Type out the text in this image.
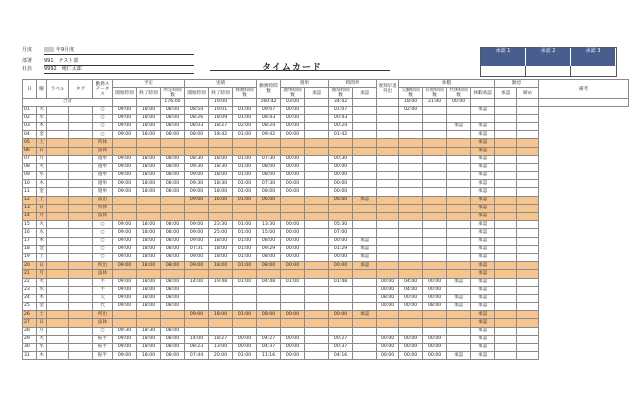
月度	年9月度
部署 991　テスト部
社員 9992　俺仁太郎	タイムカード
承認 1	承認 2	承認 3
日	曜	ラベル	タグ	勤務ステータス	予定			実績			勤務時間数	週単		時間外		遅刻早退外出	休暇				勤怠		備考
					開始時刻	終了時刻	所定時間数	開始時刻	終了時刻	休憩時間数		週単時間数	承認	通常時間数	承認		欠勤時間数	有給時間数	代休時間数	休暇承認	承認	締め	
合計							176:00		19:00		160:42	03:00		34:42			18:00	21:00	00:00				
01	火			○	09:00	18:00	08:00	08:54	19:01	01:00	09:07	00:00		01:07			02:00			承認			
02	水			○	09:00	18:00	08:00	08:26	18:09	01:00	08:43	00:00		00:43									
03	木			○	09:00	18:00	08:00	08:03	18:27	02:00	08:24	00:00		00:24					承認	承認			
04	金			○	09:00	18:00	08:00	08:00	18:42	01:00	09:42	00:00		01:42						承認			
05	土			所休																承認			
06	日			法休																承認			
07	月			週単	09:00	18:00	08:00	08:30	18:00	01:00	07:30	00:00		00:30						承認			
08	火			週単	09:00	18:00	08:00	09:30	18:30	01:00	08:00	00:00		00:00						承認			
09	水			週単	09:00	18:00	08:00	09:00	18:00	01:00	08:00	00:00		00:00						承認			
10	木			週単	09:00	18:00	08:00	09:30	18:30	01:00	07:30	00:00		00:00						承認			
11	金			週単	09:00	18:00	08:00	09:00	18:00	01:00	08:00	00:00		00:00						承認			
12	土			法出				09:00	16:00	01:00	06:00			06:00	承認					承認			
13	日			所休																承認			
14	月			法休																承認			
15	火			○	09:00	18:00	08:00	09:00	23:30	01:00	13:30	00:00		05:30						承認			
16	水			○	09:00	18:00	08:00	09:00	25:00	01:00	15:00	00:00		07:00						承認			
17	木			○	09:00	18:00	08:00	09:00	18:00	01:00	08:00	00:00		00:00	承認					承認			
18	金			○	09:00	18:00	08:00	07:31	18:00	01:00	09:29	00:00		01:29	承認					承認			
19	土			○	09:00	18:00	08:00	09:00	18:00	01:00	08:00	00:00		00:00	承認					承認			
20	日			所出	09:00	18:00	08:00	09:00	18:00	01:00	08:00	00:00		00:00	承認					承認			
21	月			法休																承認			
22	火			半	09:00	18:00	08:00	14:00	19:48	01:00	04:48	01:00		01:48		00:00	04:00	00:00	承認	承認			
23	水			半	09:00	18:00	08:00									00:00	04:00	00:00		承認			
24	木			欠	09:00	18:00	08:00									08:00	00:00	00:00	承認	承認			
25	金			代	09:00	18:00	08:00									00:00	00:00	08:00	承認	承認			
26	土			所出				09:00	18:00	01:00	08:00	00:00		00:00	承認					承認			
27	日			法休																承認			
28	月			○	09:30	18:30	08:00													承認			
29	火			振半	09:00	18:00	08:00	14:00	18:27	00:00	04:27	00:00		00:27		00:00	00:00	00:00		承認			
30	水			振半	09:00	18:00	08:00	08:23	13:00	00:00	04:37	00:00		00:37		00:00	00:00	00:00		承認			
31	木			振半	09:00	18:00	08:00	07:44	20:00	01:00	11:16	00:00		04:16		00:00	00:00	00:00	承認	承認			
